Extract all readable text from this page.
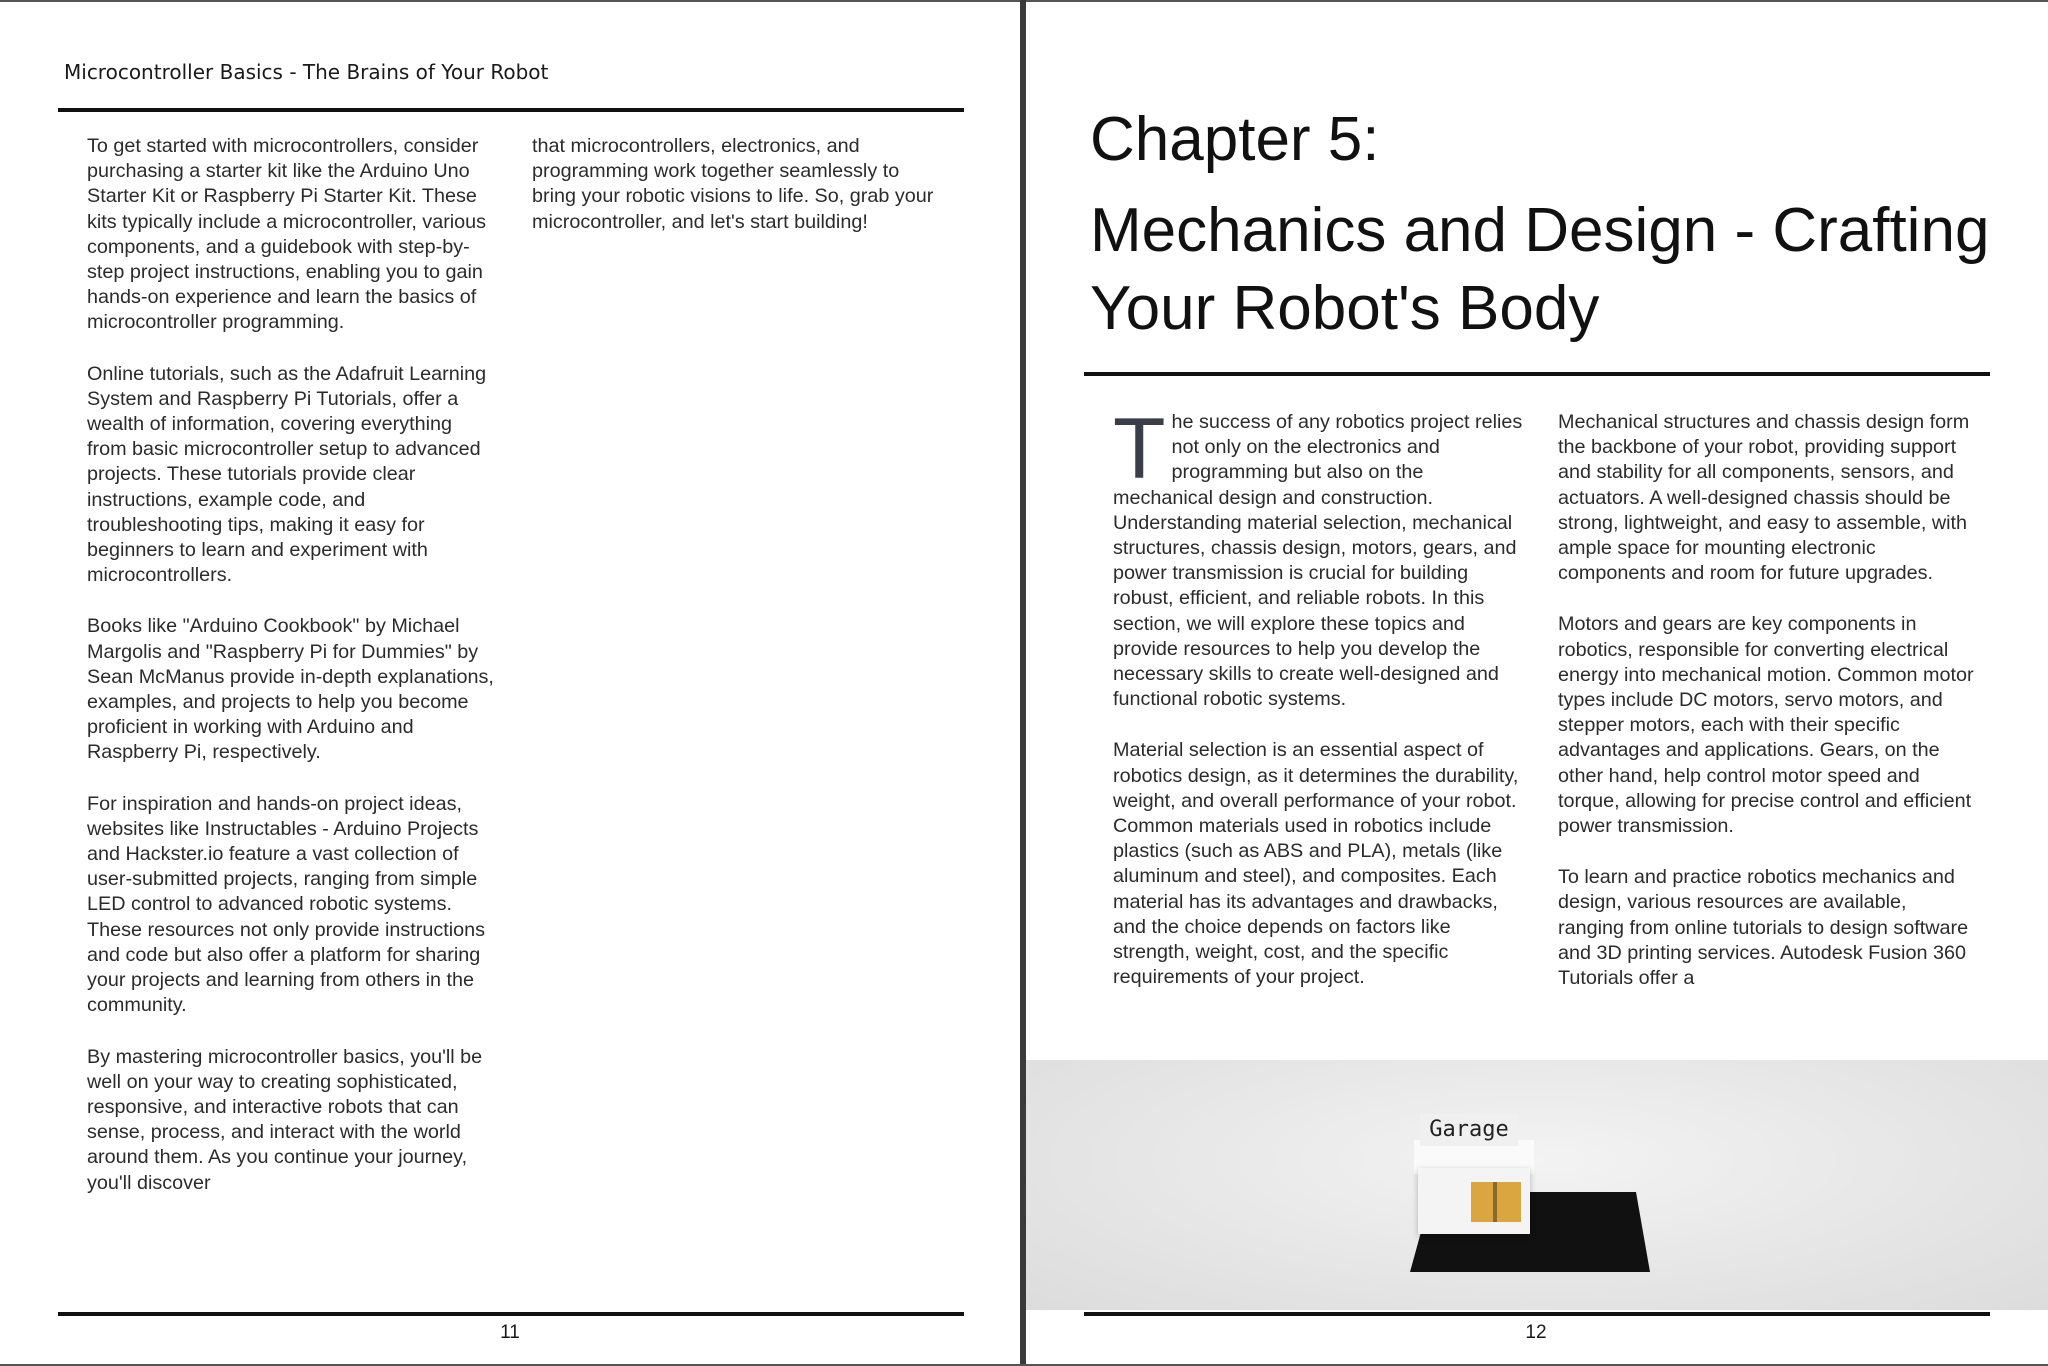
Microcontroller Basics - The Brains of Your Robot

To get started with microcontrollers, consider purchasing a starter kit like the Arduino Uno Starter Kit or Raspberry Pi Starter Kit. These kits typically include a microcontroller, various components, and a guidebook with step-by-step project instructions, enabling you to gain hands-on experience and learn the basics of microcontroller programming.

Online tutorials, such as the Adafruit Learning System and Raspberry Pi Tutorials, offer a wealth of information, covering everything from basic microcontroller setup to advanced projects. These tutorials provide clear instructions, example code, and troubleshooting tips, making it easy for beginners to learn and experiment with microcontrollers.

Books like "Arduino Cookbook" by Michael Margolis and "Raspberry Pi for Dummies" by Sean McManus provide in-depth explanations, examples, and projects to help you become proficient in working with Arduino and Raspberry Pi, respectively.

For inspiration and hands-on project ideas, websites like Instructables - Arduino Projects and Hackster.io feature a vast collection of user-submitted projects, ranging from simple LED control to advanced robotic systems. These resources not only provide instructions and code but also offer a platform for sharing your projects and learning from others in the community.

By mastering microcontroller basics, you'll be well on your way to creating sophisticated, responsive, and interactive robots that can sense, process, and interact with the world around them. As you continue your journey, you'll discover

that microcontrollers, electronics, and programming work together seamlessly to bring your robotic visions to life. So, grab your microcontroller, and let's start building!

11
Chapter 5:
Mechanics and Design - Crafting Your Robot's Body

T he success of any robotics project relies not only on the electronics and programming but also on the mechanical design and construction. Understanding material selection, mechanical structures, chassis design, motors, gears, and power transmission is crucial for building robust, efficient, and reliable robots. In this section, we will explore these topics and provide resources to help you develop the necessary skills to create well-designed and functional robotic systems.

Material selection is an essential aspect of robotics design, as it determines the durability, weight, and overall performance of your robot. Common materials used in robotics include plastics (such as ABS and PLA), metals (like aluminum and steel), and composites. Each material has its advantages and drawbacks, and the choice depends on factors like strength, weight, cost, and the specific requirements of your project.

Mechanical structures and chassis design form the backbone of your robot, providing support and stability for all components, sensors, and actuators. A well-designed chassis should be strong, lightweight, and easy to assemble, with ample space for mounting electronic components and room for future upgrades.

Motors and gears are key components in robotics, responsible for converting electrical energy into mechanical motion. Common motor types include DC motors, servo motors, and stepper motors, each with their specific advantages and applications. Gears, on the other hand, help control motor speed and torque, allowing for precise control and efficient power transmission.

To learn and practice robotics mechanics and design, various resources are available, ranging from online tutorials to design software and 3D printing services. Autodesk Fusion 360 Tutorials offer a

Garage
12
